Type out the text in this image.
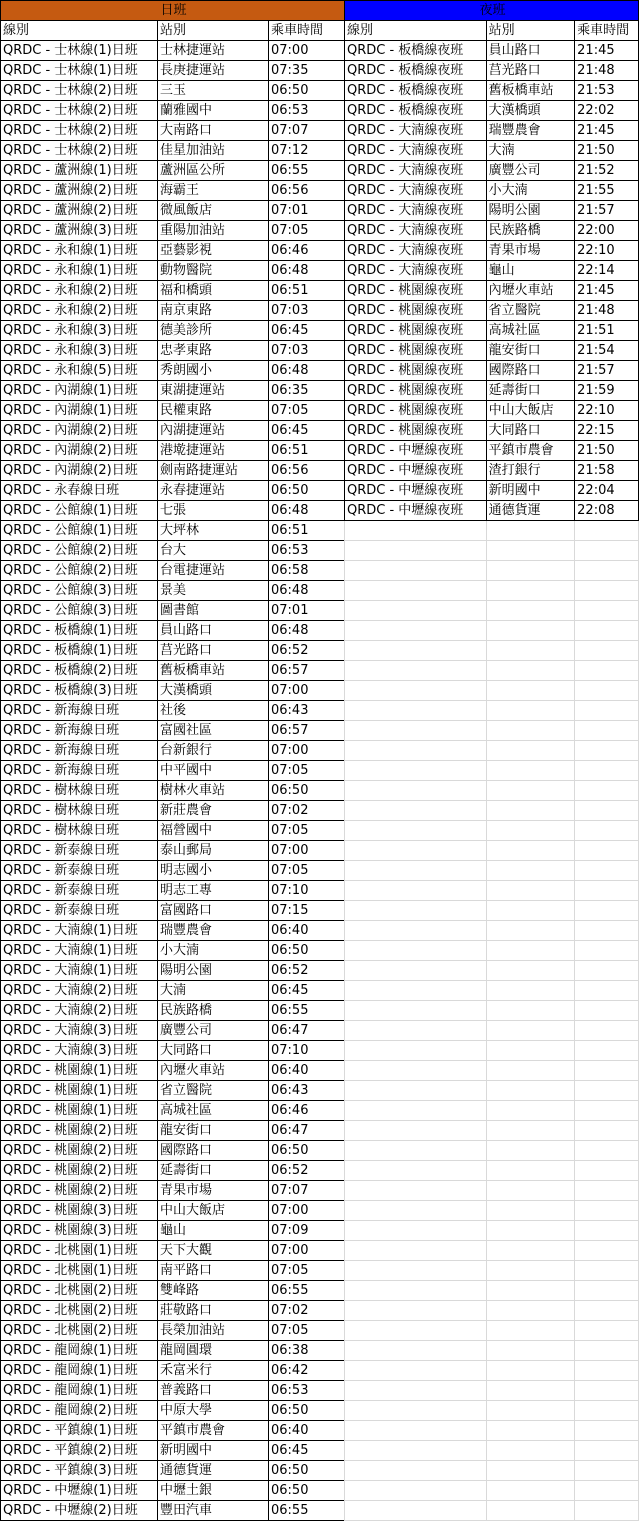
日班		
線別	站別	乘車時間
QRDC - 士林線(1)日班	士林捷運站	07:00
QRDC - 士林線(1)日班	長庚捷運站	07:35
QRDC - 士林線(2)日班	三玉	06:50
QRDC - 士林線(2)日班	蘭雅國中	06:53
QRDC - 士林線(2)日班	大南路口	07:07
QRDC - 士林線(2)日班	佳星加油站	07:12
QRDC - 蘆洲線(1)日班	蘆洲區公所	06:55
QRDC - 蘆洲線(2)日班	海霸王	06:56
QRDC - 蘆洲線(2)日班	微風飯店	07:01
QRDC - 蘆洲線(3)日班	重陽加油站	07:05
QRDC - 永和線(1)日班	亞藝影視	06:46
QRDC - 永和線(1)日班	動物醫院	06:48
QRDC - 永和線(2)日班	福和橋頭	06:51
QRDC - 永和線(2)日班	南京東路	07:03
QRDC - 永和線(3)日班	德美診所	06:45
QRDC - 永和線(3)日班	忠孝東路	07:03
QRDC - 永和線(5)日班	秀朗國小	06:48
QRDC - 內湖線(1)日班	東湖捷運站	06:35
QRDC - 內湖線(1)日班	民權東路	07:05
QRDC - 內湖線(2)日班	內湖捷運站	06:45
QRDC - 內湖線(2)日班	港墘捷運站	06:51
QRDC - 內湖線(2)日班	劍南路捷運站	06:56
QRDC - 永春線日班	永春捷運站	06:50
QRDC - 公館線(1)日班	七張	06:48
QRDC - 公館線(1)日班	大坪林	06:51
QRDC - 公館線(2)日班	台大	06:53
QRDC - 公館線(2)日班	台電捷運站	06:58
QRDC - 公館線(3)日班	景美	06:48
QRDC - 公館線(3)日班	圖書館	07:01
QRDC - 板橋線(1)日班	員山路口	06:48
QRDC - 板橋線(1)日班	莒光路口	06:52
QRDC - 板橋線(2)日班	舊板橋車站	06:57
QRDC - 板橋線(3)日班	大漢橋頭	07:00
QRDC - 新海線日班	社後	06:43
QRDC - 新海線日班	富國社區	06:57
QRDC - 新海線日班	台新銀行	07:00
QRDC - 新海線日班	中平國中	07:05
QRDC - 樹林線日班	樹林火車站	06:50
QRDC - 樹林線日班	新莊農會	07:02
QRDC - 樹林線日班	福營國中	07:05
QRDC - 新泰線日班	泰山郵局	07:00
QRDC - 新泰線日班	明志國小	07:05
QRDC - 新泰線日班	明志工專	07:10
QRDC - 新泰線日班	富國路口	07:15
QRDC - 大湳線(1)日班	瑞豐農會	06:40
QRDC - 大湳線(1)日班	小大湳	06:50
QRDC - 大湳線(1)日班	陽明公園	06:52
QRDC - 大湳線(2)日班	大湳	06:45
QRDC - 大湳線(2)日班	民族路橋	06:55
QRDC - 大湳線(3)日班	廣豐公司	06:47
QRDC - 大湳線(3)日班	大同路口	07:10
QRDC - 桃園線(1)日班	內壢火車站	06:40
QRDC - 桃園線(1)日班	省立醫院	06:43
QRDC - 桃園線(1)日班	高城社區	06:46
QRDC - 桃園線(2)日班	龍安街口	06:47
QRDC - 桃園線(2)日班	國際路口	06:50
QRDC - 桃園線(2)日班	延壽街口	06:52
QRDC - 桃園線(2)日班	青果市場	07:07
QRDC - 桃園線(3)日班	中山大飯店	07:00
QRDC - 桃園線(3)日班	龜山	07:09
QRDC - 北桃園(1)日班	天下大觀	07:00
QRDC - 北桃園(1)日班	南平路口	07:05
QRDC - 北桃園(2)日班	雙峰路	06:55
QRDC - 北桃園(2)日班	莊敬路口	07:02
QRDC - 北桃園(2)日班	長榮加油站	07:05
QRDC - 龍岡線(1)日班	龍岡圓環	06:38
QRDC - 龍岡線(1)日班	禾富米行	06:42
QRDC - 龍岡線(1)日班	普義路口	06:53
QRDC - 龍岡線(2)日班	中原大學	06:50
QRDC - 平鎮線(1)日班	平鎮市農會	06:40
QRDC - 平鎮線(2)日班	新明國中	06:45
QRDC - 平鎮線(3)日班	通德貨運	06:50
QRDC - 中壢線(1)日班	中壢土銀	06:50
QRDC - 中壢線(2)日班	豐田汽車	06:55
夜班		
線別	站別	乘車時間
QRDC - 板橋線夜班	員山路口	21:45
QRDC - 板橋線夜班	莒光路口	21:48
QRDC - 板橋線夜班	舊板橋車站	21:53
QRDC - 板橋線夜班	大漢橋頭	22:02
QRDC - 大湳線夜班	瑞豐農會	21:45
QRDC - 大湳線夜班	大湳	21:50
QRDC - 大湳線夜班	廣豐公司	21:52
QRDC - 大湳線夜班	小大湳	21:55
QRDC - 大湳線夜班	陽明公園	21:57
QRDC - 大湳線夜班	民族路橋	22:00
QRDC - 大湳線夜班	青果市場	22:10
QRDC - 大湳線夜班	龜山	22:14
QRDC - 桃園線夜班	內壢火車站	21:45
QRDC - 桃園線夜班	省立醫院	21:48
QRDC - 桃園線夜班	高城社區	21:51
QRDC - 桃園線夜班	龍安街口	21:54
QRDC - 桃園線夜班	國際路口	21:57
QRDC - 桃園線夜班	延壽街口	21:59
QRDC - 桃園線夜班	中山大飯店	22:10
QRDC - 桃園線夜班	大同路口	22:15
QRDC - 中壢線夜班	平鎮市農會	21:50
QRDC - 中壢線夜班	渣打銀行	21:58
QRDC - 中壢線夜班	新明國中	22:04
QRDC - 中壢線夜班	通德貨運	22:08
